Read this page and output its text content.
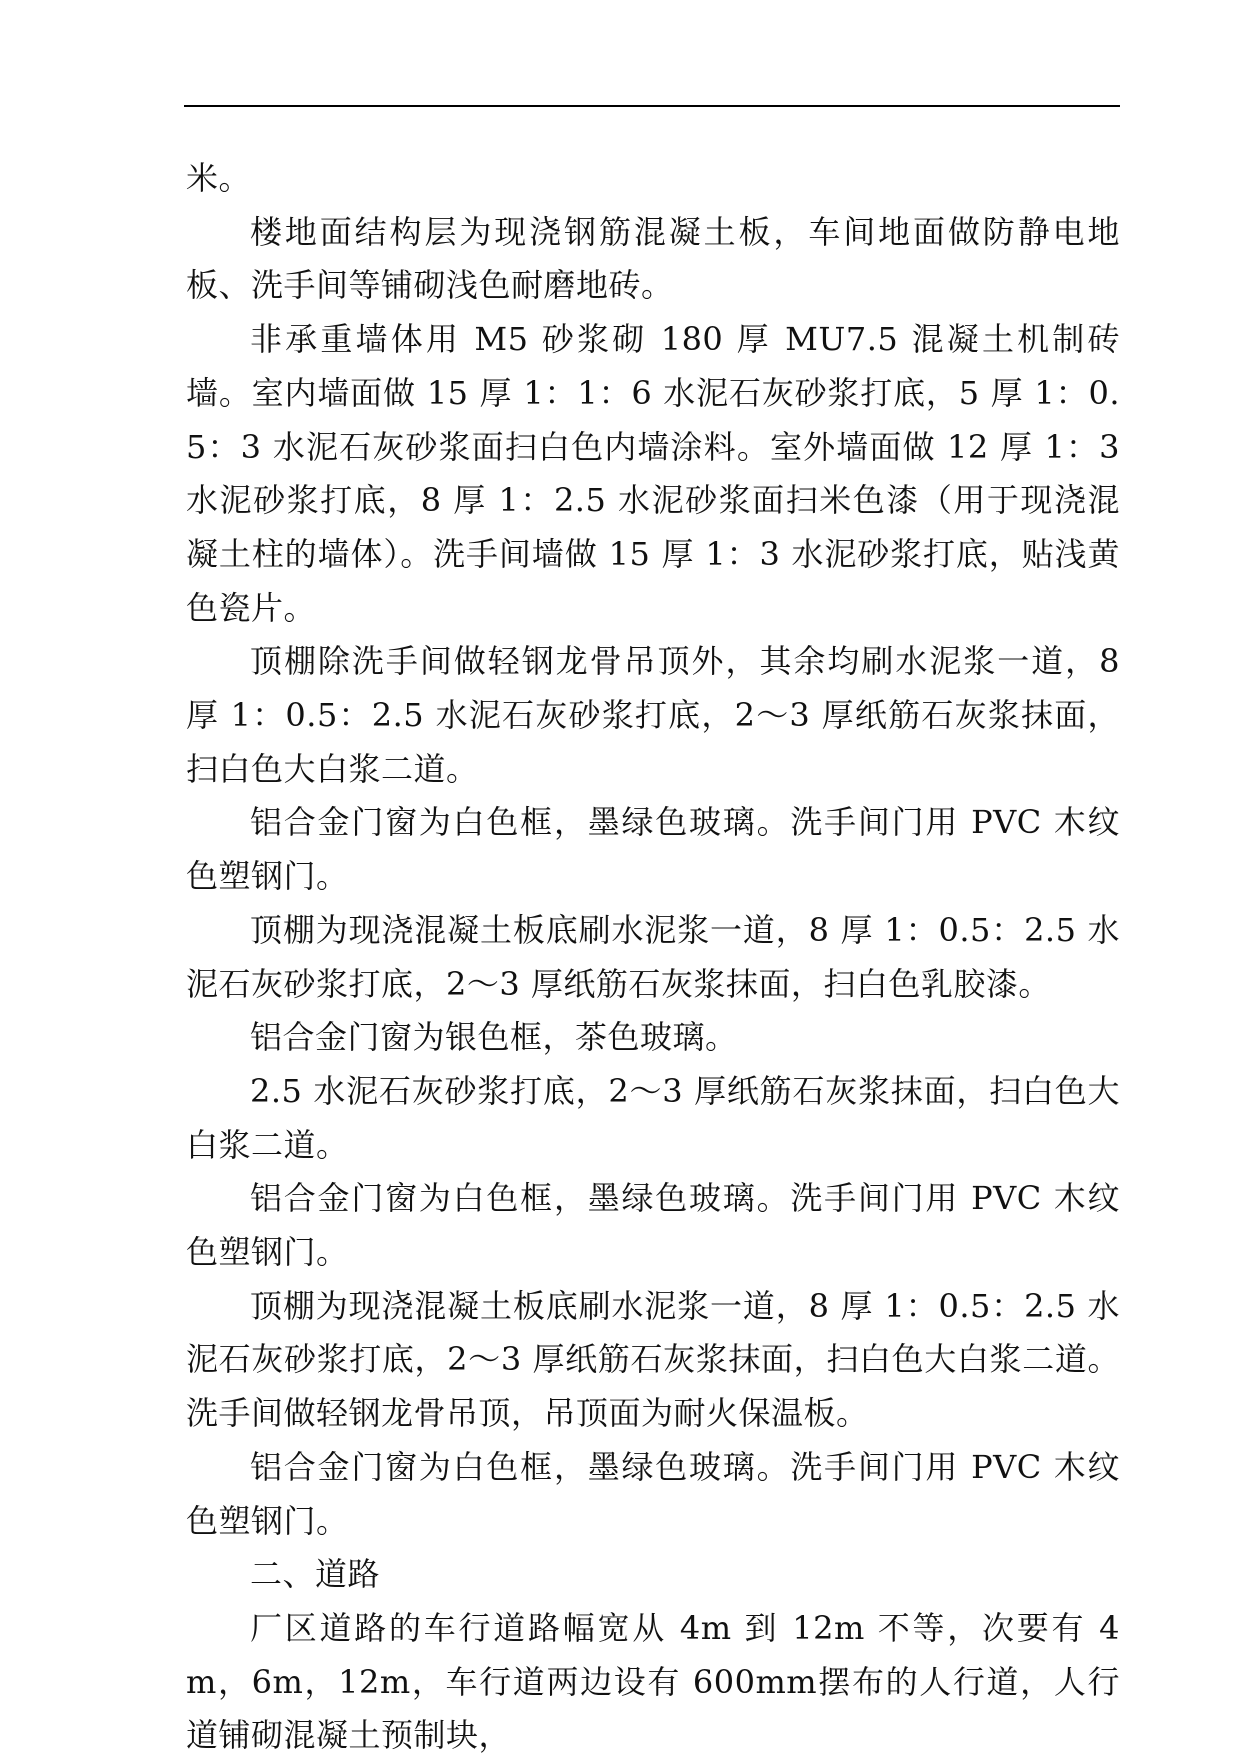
米。

楼地面结构层为现浇钢筋混凝土板，车间地面做防静电地板、洗手间等铺砌浅色耐磨地砖。

非承重墙体用 M5 砂浆砌 180 厚 MU7.5 混凝土机制砖墙。室内墙面做 15 厚 1：1：6 水泥石灰砂浆打底，5 厚 1：0.5：3 水泥石灰砂浆面扫白色内墙涂料。室外墙面做 12 厚 1：3 水泥砂浆打底，8 厚 1：2.5 水泥砂浆面扫米色漆（用于现浇混凝土柱的墙体）。洗手间墙做 15 厚 1：3 水泥砂浆打底，贴浅黄色瓷片。

顶棚除洗手间做轻钢龙骨吊顶外，其余均刷水泥浆一道，8 厚 1：0.5：2.5 水泥石灰砂浆打底，2～3 厚纸筋石灰浆抹面，扫白色大白浆二道。

铝合金门窗为白色框，墨绿色玻璃。洗手间门用 PVC 木纹色塑钢门。

顶棚为现浇混凝土板底刷水泥浆一道，8 厚 1：0.5：2.5 水泥石灰砂浆打底，2～3 厚纸筋石灰浆抹面，扫白色乳胶漆。

铝合金门窗为银色框，茶色玻璃。

2.5 水泥石灰砂浆打底，2～3 厚纸筋石灰浆抹面，扫白色大白浆二道。

铝合金门窗为白色框，墨绿色玻璃。洗手间门用 PVC 木纹色塑钢门。

顶棚为现浇混凝土板底刷水泥浆一道，8 厚 1：0.5：2.5 水泥石灰砂浆打底，2～3 厚纸筋石灰浆抹面，扫白色大白浆二道。洗手间做轻钢龙骨吊顶，吊顶面为耐火保温板。

铝合金门窗为白色框，墨绿色玻璃。洗手间门用 PVC 木纹色塑钢门。

二、道路

厂区道路的车行道路幅宽从 4m 到 12m 不等，次要有 4m，6m，12m，车行道两边设有 600mm摆布的人行道，人行道铺砌混凝土预制块，
